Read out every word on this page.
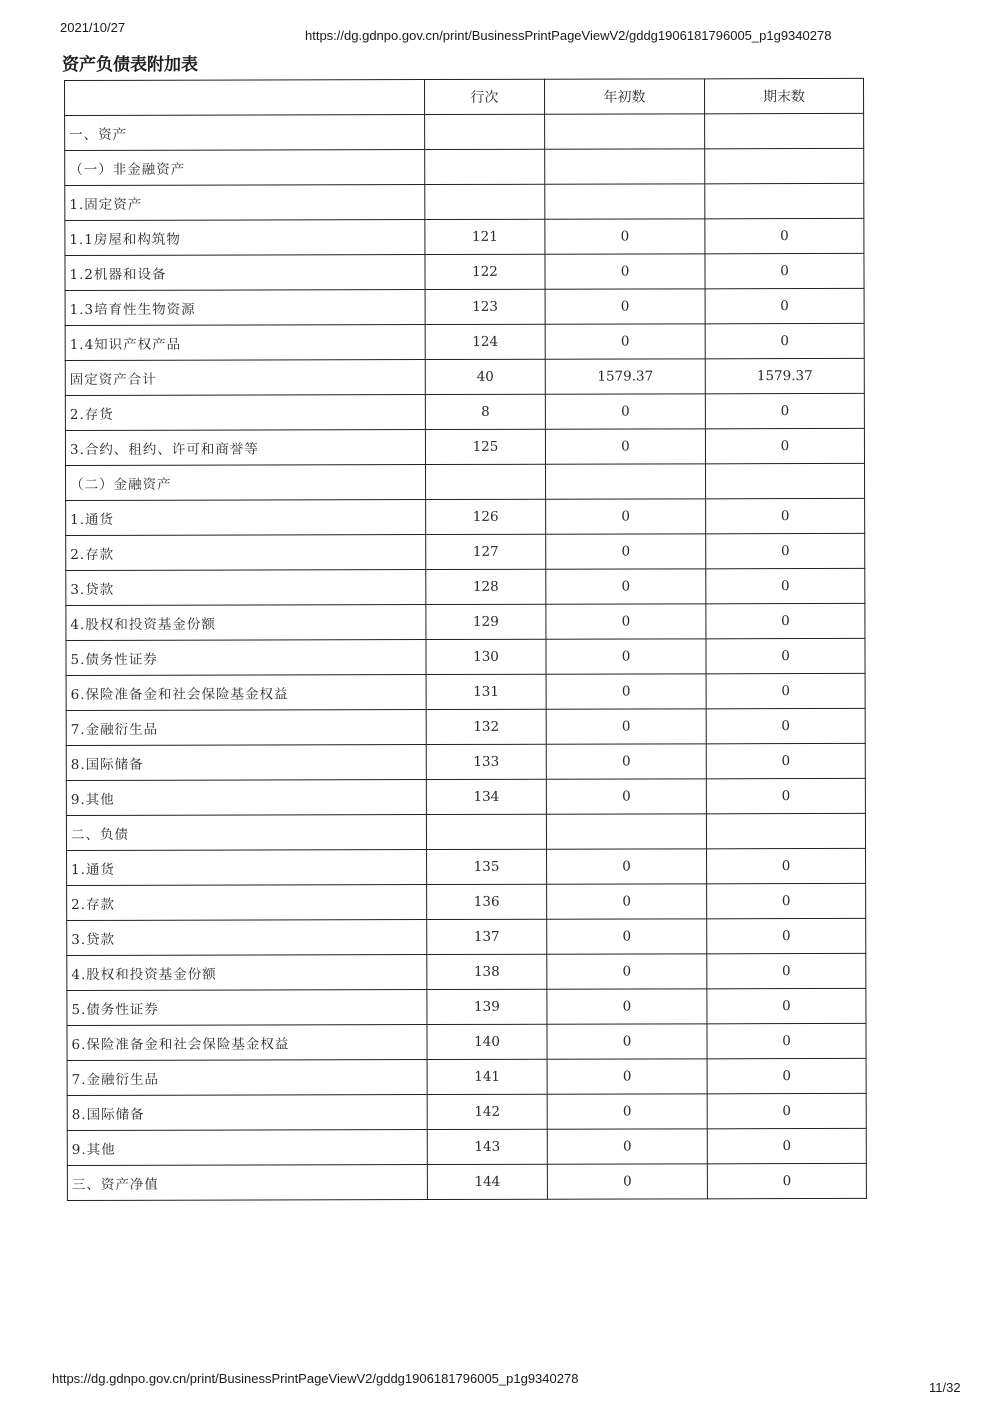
2021/10/27
https://dg.gdnpo.gov.cn/print/BusinessPrintPageViewV2/gddg1906181796005_p1g9340278
资产负债表附加表
	行次	年初数	期末数
一、资产			
（一）非金融资产			
1.固定资产			
1.1房屋和构筑物	121	0	0
1.2机器和设备	122	0	0
1.3培育性生物资源	123	0	0
1.4知识产权产品	124	0	0
固定资产合计	40	1579.37	1579.37
2.存货	8	0	0
3.合约、租约、许可和商誉等	125	0	0
（二）金融资产			
1.通货	126	0	0
2.存款	127	0	0
3.贷款	128	0	0
4.股权和投资基金份额	129	0	0
5.债务性证券	130	0	0
6.保险准备金和社会保险基金权益	131	0	0
7.金融衍生品	132	0	0
8.国际储备	133	0	0
9.其他	134	0	0
二、负债			
1.通货	135	0	0
2.存款	136	0	0
3.贷款	137	0	0
4.股权和投资基金份额	138	0	0
5.债务性证券	139	0	0
6.保险准备金和社会保险基金权益	140	0	0
7.金融衍生品	141	0	0
8.国际储备	142	0	0
9.其他	143	0	0
三、资产净值	144	0	0
https://dg.gdnpo.gov.cn/print/BusinessPrintPageViewV2/gddg1906181796005_p1g9340278
11/32
